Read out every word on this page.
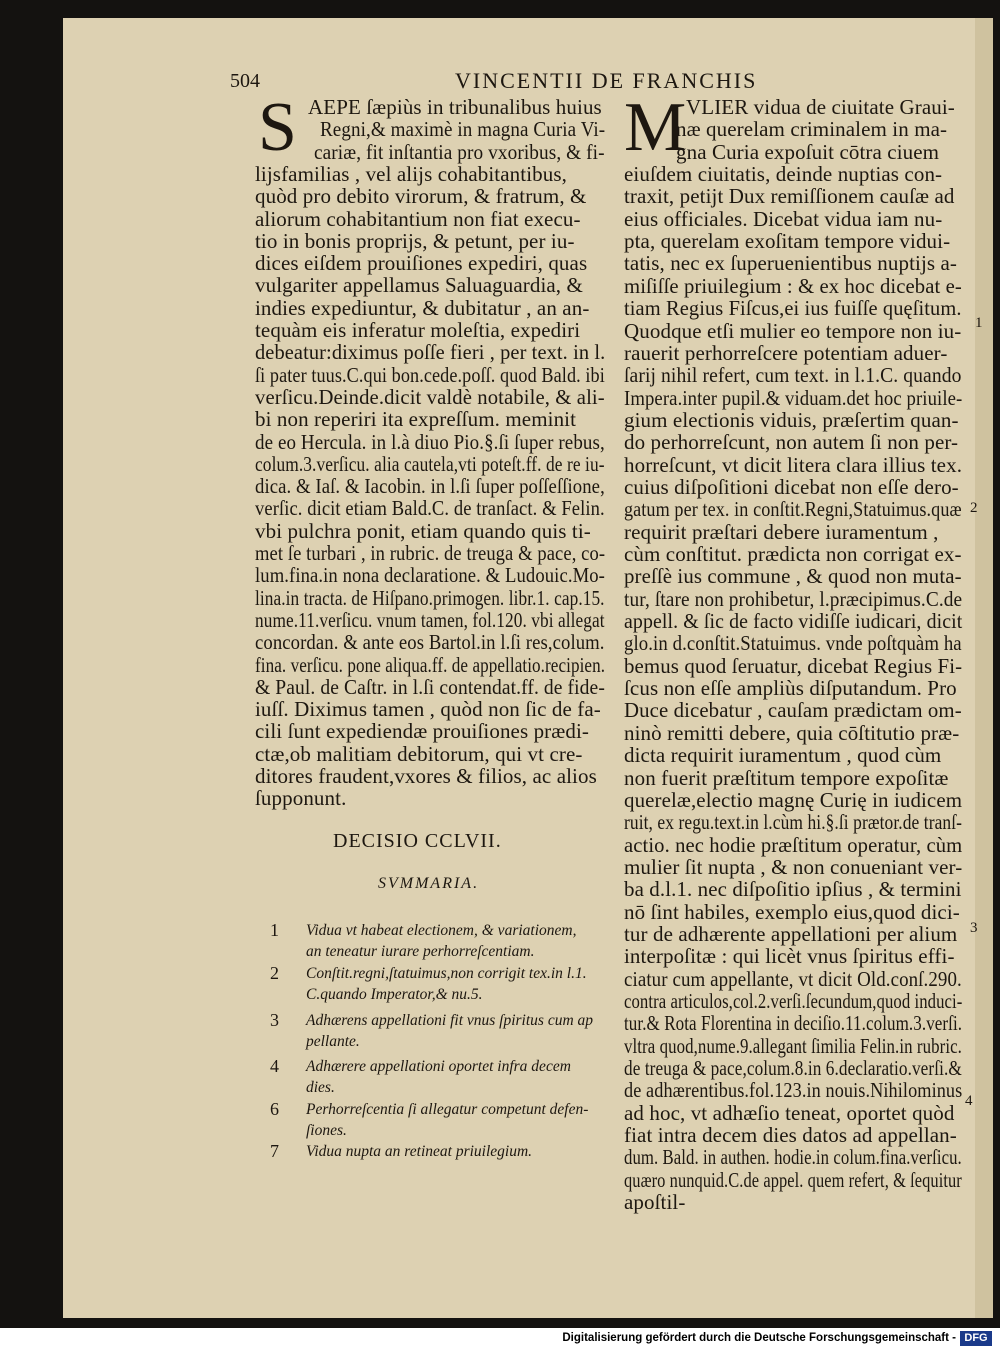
504	VINCENTII DE FRANCHIS
S AEPE ſæpiùs in tribunalibus huius
Regni,& maximè in magna Curia Vi-
cariæ, fit inſtantia pro vxoribus, & fi-
lijsfamilias , vel alijs cohabitantibus,
quòd pro debito virorum, & fratrum, &
aliorum cohabitantium non fiat execu-
tio in bonis proprijs, & petunt, per iu-
dices eiſdem prouiſiones expediri, quas
vulgariter appellamus Saluaguardia, &
indies expediuntur, & dubitatur , an an-
tequàm eis inferatur moleſtia, expediri
debeatur:diximus poſſe fieri , per text. in l.
ſi pater tuus.C.qui bon.cede.poſſ. quod Bald. ibi
verſicu.Deinde.dicit valdè notabile, & ali-
bi non reperiri ita expreſſum. meminit
de eo Hercula. in l.à diuo Pio.§.ſi ſuper rebus,
colum.3.verſicu. alia cautela,vti poteſt.ff. de re iu-
dica. & Iaſ. & Iacobin. in l.ſi ſuper poſſeſſione,
verſic. dicit etiam Bald.C. de tranſact. & Felin.
vbi pulchra ponit, etiam quando quis ti-
met ſe turbari , in rubric. de treuga & pace, co-
lum.fina.in nona declaratione. & Ludouic.Mo-
lina.in tracta. de Hiſpano.primogen. libr.1. cap.15.
nume.11.verſicu. vnum tamen, fol.120. vbi allegat
concordan. & ante eos Bartol.in l.ſi res,colum.
fina. verſicu. pone aliqua.ff. de appellatio.recipien.
& Paul. de Caſtr. in l.ſi contendat.ff. de fide-
iuſſ. Diximus tamen , quòd non ſic de fa-
cili ſunt expediendæ prouiſiones prædi-
ctæ,ob malitiam debitorum, qui vt cre-
ditores fraudent,vxores & filios, ac alios
ſupponunt.
DECISIO CCLVII.
SVMMARIA.
1 Vidua vt habeat electionem, & variationem,
an teneatur iurare perhorreſcentiam.
2 Conſtit.regni,ſtatuimus,non corrigit tex.in l.1.
C.quando Imperator,& nu.5.
3 Adhærens appellationi fit vnus ſpiritus cum ap
pellante.
4 Adhærere appellationi oportet infra decem
dies.
6 Perhorreſcentia ſi allegatur competunt defen-
ſiones.
7 Vidua nupta an retineat priuilegium.
M VLIER vidua de ciuitate Graui-
næ querelam criminalem in ma-
gna Curia expoſuit cōtra ciuem
eiuſdem ciuitatis, deinde nuptias con-
traxit, petijt Dux remiſſionem cauſæ ad
eius officiales. Dicebat vidua iam nu-
pta, querelam exoſitam tempore vidui-
tatis, nec ex ſuperuenientibus nuptijs a-
miſiſſe priuilegium : & ex hoc dicebat e-
tiam Regius Fiſcus,ei ius fuiſſe quęſitum.
Quodque etſi mulier eo tempore non iu-
rauerit perhorreſcere potentiam aduer-
ſarij nihil refert, cum text. in l.1.C. quando
Impera.inter pupil.& viduam.det hoc priuile-
gium electionis viduis, præſertim quan-
do perhorreſcunt, non autem ſi non per-
horreſcunt, vt dicit litera clara illius tex.
cuius diſpoſitioni dicebat non eſſe dero-
gatum per tex. in conſtit.Regni,Statuimus.quæ
requirit præſtari debere iuramentum ,
cùm conſtitut. prædicta non corrigat ex-
preſſè ius commune , & quod non muta-
tur, ſtare non prohibetur, l.præcipimus.C.de
appell. & ſic de facto vidiſſe iudicari, dicit
glo.in d.conſtit.Statuimus. vnde poſtquàm ha
bemus quod ſeruatur, dicebat Regius Fi-
ſcus non eſſe ampliùs diſputandum. Pro
Duce dicebatur , cauſam prædictam om-
ninò remitti debere, quia cōſtitutio præ-
dicta requirit iuramentum , quod cùm
non fuerit præſtitum tempore expoſitæ
querelæ,electio magnę Curię in iudicem
ruit, ex regu.text.in l.cùm hi.§.ſi prætor.de tranſ-
actio. nec hodie præſtitum operatur, cùm
mulier ſit nupta , & non conueniant ver-
ba d.l.1. nec diſpoſitio ipſius , & termini
nō ſint habiles, exemplo eius,quod dici-
tur de adhærente appellationi per alium
interpoſitæ : qui licèt vnus ſpiritus effi-
ciatur cum appellante, vt dicit Old.conſ.290.
contra articulos,col.2.verſi.ſecundum,quod induci-
tur.& Rota Florentina in deciſio.11.colum.3.verſi.
vltra quod,nume.9.allegant ſimilia Felin.in rubric.
de treuga & pace,colum.8.in 6.declaratio.verſi.&
de adhærentibus.fol.123.in nouis.Nihilominus
ad hoc, vt adhæſio teneat, oportet quòd
fiat intra decem dies datos ad appellan-
dum. Bald. in authen. hodie.in colum.fina.verſicu.
quæro nunquid.C.de appel. quem refert, & ſequitur
apoſtil-
1
2
3
4
Digitalisierung gefördert durch die Deutsche Forschungsgemeinschaft - DFG
